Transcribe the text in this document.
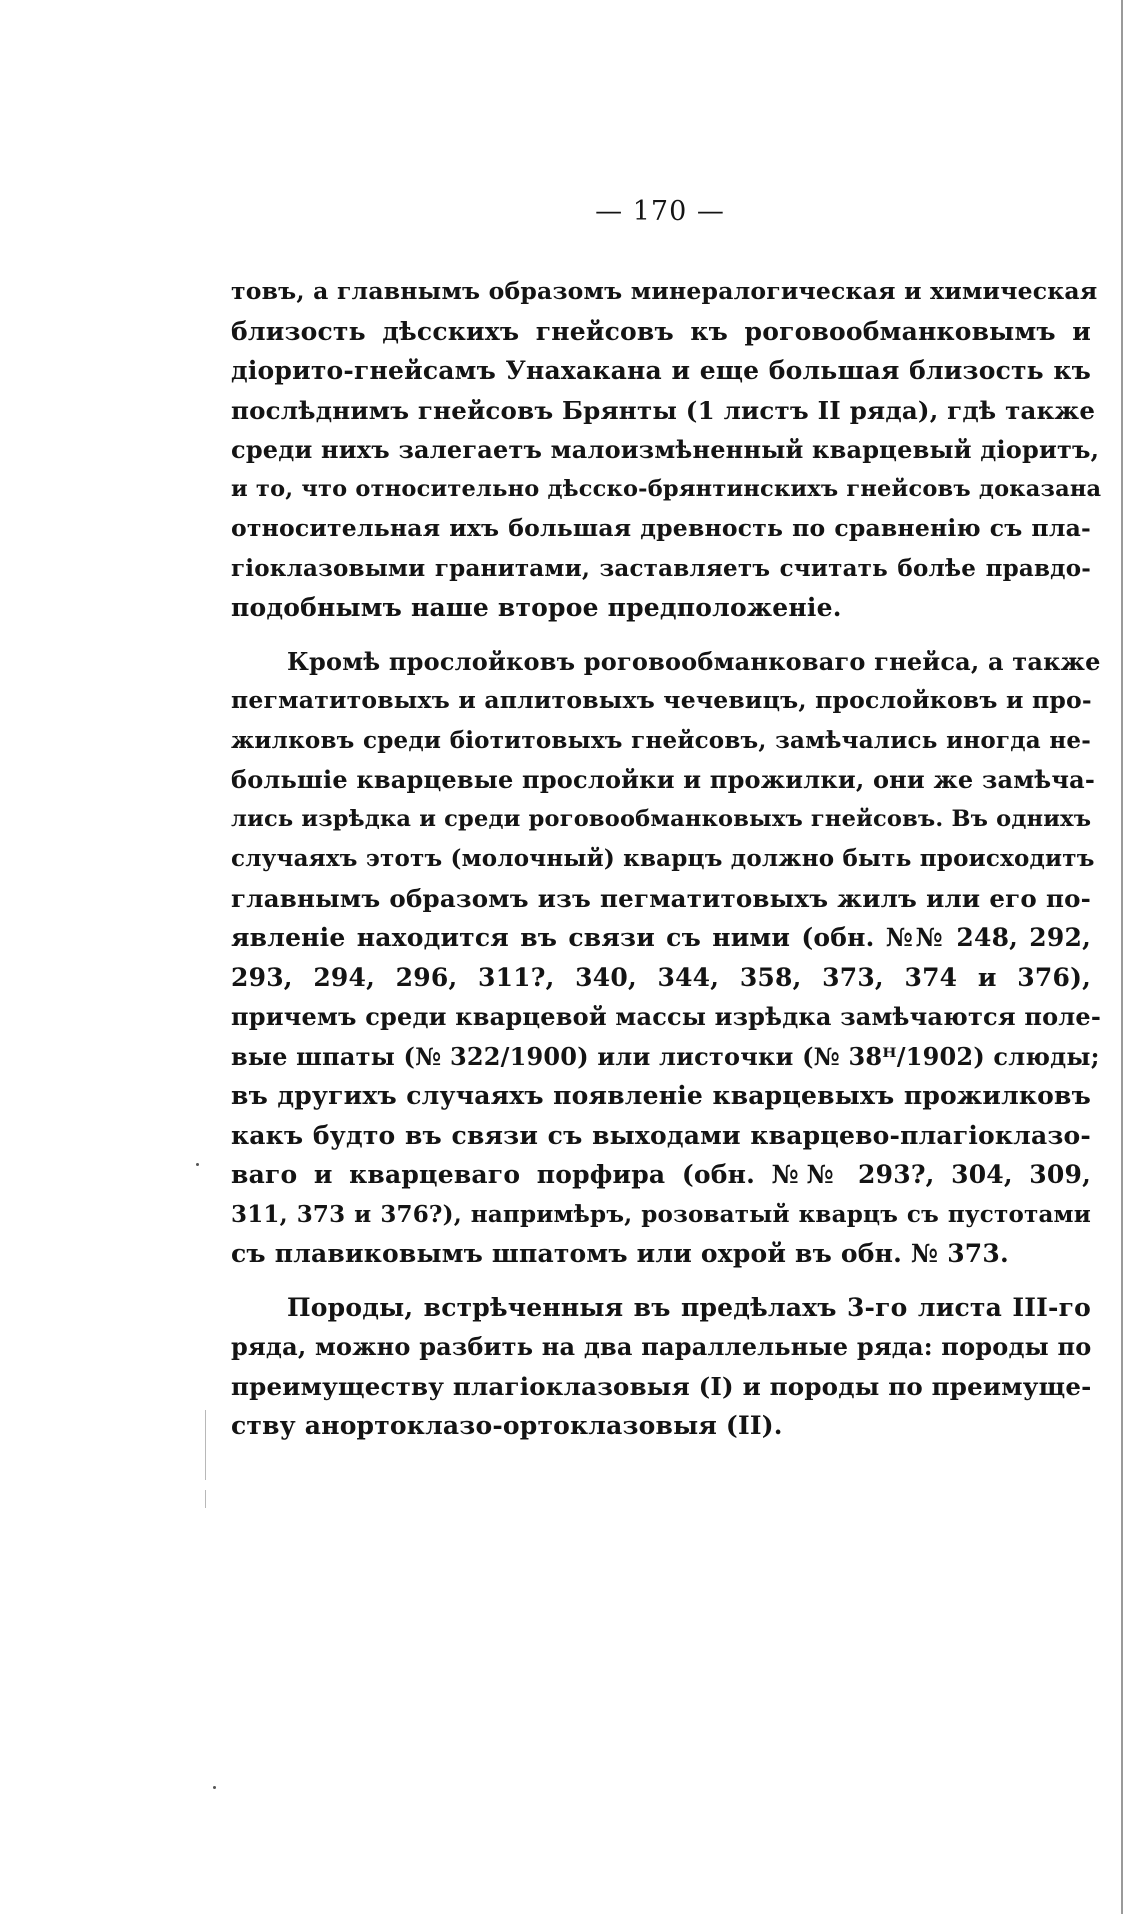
— 170 —
товъ, а главнымъ образомъ минералогическая и химическая
близость дѣсскихъ гнейсовъ къ роговообманковымъ и
діорито-гнейсамъ Унахакана и еще большая близость къ
послѣднимъ гнейсовъ Брянты (1 листъ II ряда), гдѣ также
среди нихъ залегаетъ малоизмѣненный кварцевый діоритъ,
и то, что относительно дѣсско-брянтинскихъ гнейсовъ доказана
относительная ихъ большая древность по сравненію съ пла-
гіоклазовыми гранитами, заставляетъ считать болѣе правдо-
подобнымъ наше второе предположеніе.
Кромѣ прослойковъ роговообманковаго гнейса, а также
пегматитовыхъ и аплитовыхъ чечевицъ, прослойковъ и про-
жилковъ среди біотитовыхъ гнейсовъ, замѣчались иногда не-
большіе кварцевые прослойки и прожилки, они же замѣча-
лись изрѣдка и среди роговообманковыхъ гнейсовъ. Въ однихъ
случаяхъ этотъ (молочный) кварцъ должно быть происходитъ
главнымъ образомъ изъ пегматитовыхъ жилъ или его по-
явленіе находится въ связи съ ними (обн. №№ 248, 292,
293, 294, 296, 311?, 340, 344, 358, 373, 374 и 376),
причемъ среди кварцевой массы изрѣдка замѣчаются поле-
вые шпаты (№ 322/1900) или листочки (№ 38ᴴ/1902) слюды;
въ другихъ случаяхъ появленіе кварцевыхъ прожилковъ
какъ будто въ связи съ выходами кварцево-плагіоклазо-
ваго и кварцеваго порфира (обн. №№ 293?, 304, 309,
311, 373 и 376?), напримѣръ, розоватый кварцъ съ пустотами
съ плавиковымъ шпатомъ или охрой въ обн. № 373.
Породы, встрѣченныя въ предѣлахъ 3-го листа III-го
ряда, можно разбить на два параллельные ряда: породы по
преимуществу плагіоклазовыя (I) и породы по преимуще-
ству анортоклазо-ортоклазовыя (II).
